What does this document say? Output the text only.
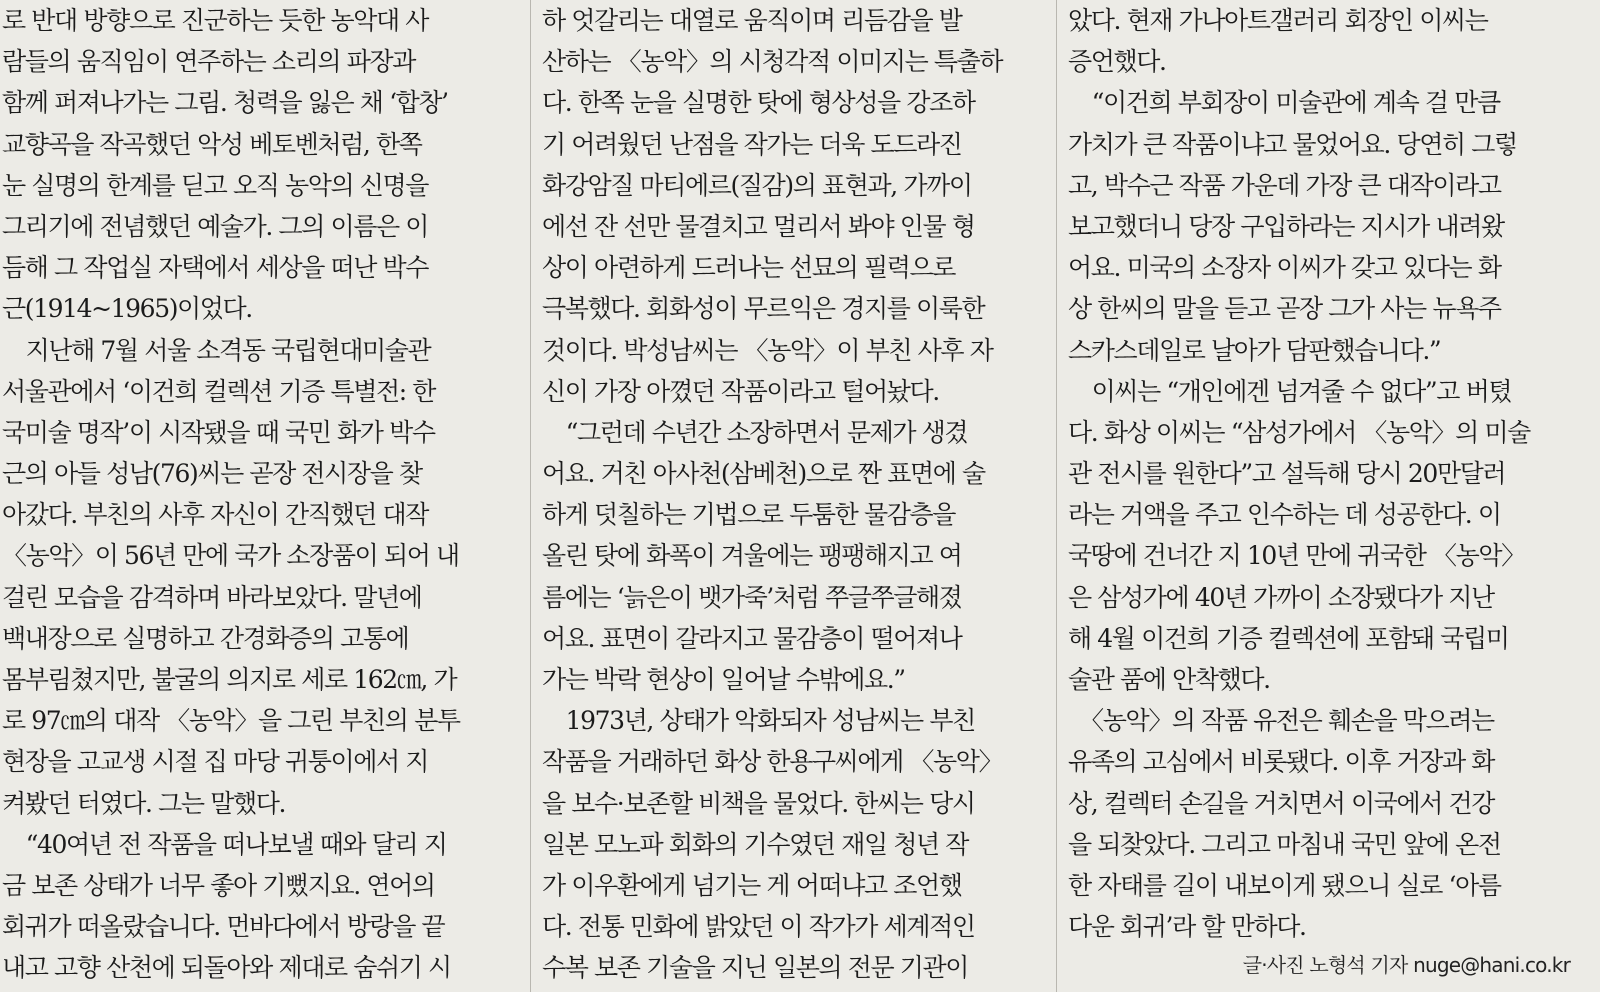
로 반대 방향으로 진군하는 듯한 농악대 사
람들의 움직임이 연주하는 소리의 파장과
함께 퍼져나가는 그림. 청력을 잃은 채 ‘합창’
교향곡을 작곡했던 악성 베토벤처럼, 한쪽
눈 실명의 한계를 딛고 오직 농악의 신명을
그리기에 전념했던 예술가. 그의 이름은 이
듬해 그 작업실 자택에서 세상을 떠난 박수
근(1914~1965)이었다.
　지난해 7월 서울 소격동 국립현대미술관
서울관에서 ‘이건희 컬렉션 기증 특별전: 한
국미술 명작’이 시작됐을 때 국민 화가 박수
근의 아들 성남(76)씨는 곧장 전시장을 찾
아갔다. 부친의 사후 자신이 간직했던 대작
〈농악〉이 56년 만에 국가 소장품이 되어 내
걸린 모습을 감격하며 바라보았다. 말년에
백내장으로 실명하고 간경화증의 고통에
몸부림쳤지만, 불굴의 의지로 세로 162㎝, 가
로 97㎝의 대작 〈농악〉을 그린 부친의 분투
현장을 고교생 시절 집 마당 귀퉁이에서 지
켜봤던 터였다. 그는 말했다.
　“40여년 전 작품을 떠나보낼 때와 달리 지
금 보존 상태가 너무 좋아 기뻤지요. 연어의
회귀가 떠올랐습니다. 먼바다에서 방랑을 끝
내고 고향 산천에 되돌아와 제대로 숨쉬기 시
하 엇갈리는 대열로 움직이며 리듬감을 발
산하는 〈농악〉의 시청각적 이미지는 특출하
다. 한쪽 눈을 실명한 탓에 형상성을 강조하
기 어려웠던 난점을 작가는 더욱 도드라진
화강암질 마티에르(질감)의 표현과, 가까이
에선 잔 선만 물결치고 멀리서 봐야 인물 형
상이 아련하게 드러나는 선묘의 필력으로
극복했다. 회화성이 무르익은 경지를 이룩한
것이다. 박성남씨는 〈농악〉이 부친 사후 자
신이 가장 아꼈던 작품이라고 털어놨다.
　“그런데 수년간 소장하면서 문제가 생겼
어요. 거친 아사천(삼베천)으로 짠 표면에 술
하게 덧칠하는 기법으로 두툼한 물감층을
올린 탓에 화폭이 겨울에는 팽팽해지고 여
름에는 ‘늙은이 뱃가죽’처럼 쭈글쭈글해졌
어요. 표면이 갈라지고 물감층이 떨어져나
가는 박락 현상이 일어날 수밖에요.”
　1973년, 상태가 악화되자 성남씨는 부친
작품을 거래하던 화상 한용구씨에게 〈농악〉
을 보수·보존할 비책을 물었다. 한씨는 당시
일본 모노파 회화의 기수였던 재일 청년 작
가 이우환에게 넘기는 게 어떠냐고 조언했
다. 전통 민화에 밝았던 이 작가가 세계적인
수복 보존 기술을 지닌 일본의 전문 기관이
았다. 현재 가나아트갤러리 회장인 이씨는
증언했다.
　“이건희 부회장이 미술관에 계속 걸 만큼
가치가 큰 작품이냐고 물었어요. 당연히 그렇
고, 박수근 작품 가운데 가장 큰 대작이라고
보고했더니 당장 구입하라는 지시가 내려왔
어요. 미국의 소장자 이씨가 갖고 있다는 화
상 한씨의 말을 듣고 곧장 그가 사는 뉴욕주
스카스데일로 날아가 담판했습니다.”
　이씨는 “개인에겐 넘겨줄 수 없다”고 버텼
다. 화상 이씨는 “삼성가에서 〈농악〉의 미술
관 전시를 원한다”고 설득해 당시 20만달러
라는 거액을 주고 인수하는 데 성공한다. 이
국땅에 건너간 지 10년 만에 귀국한 〈농악〉
은 삼성가에 40년 가까이 소장됐다가 지난
해 4월 이건희 기증 컬렉션에 포함돼 국립미
술관 품에 안착했다.
　〈농악〉의 작품 유전은 훼손을 막으려는
유족의 고심에서 비롯됐다. 이후 거장과 화
상, 컬렉터 손길을 거치면서 이국에서 건강
을 되찾았다. 그리고 마침내 국민 앞에 온전
한 자태를 길이 내보이게 됐으니 실로 ‘아름
다운 회귀’라 할 만하다.
글·사진 노형석 기자 nuge@hani.co.kr
